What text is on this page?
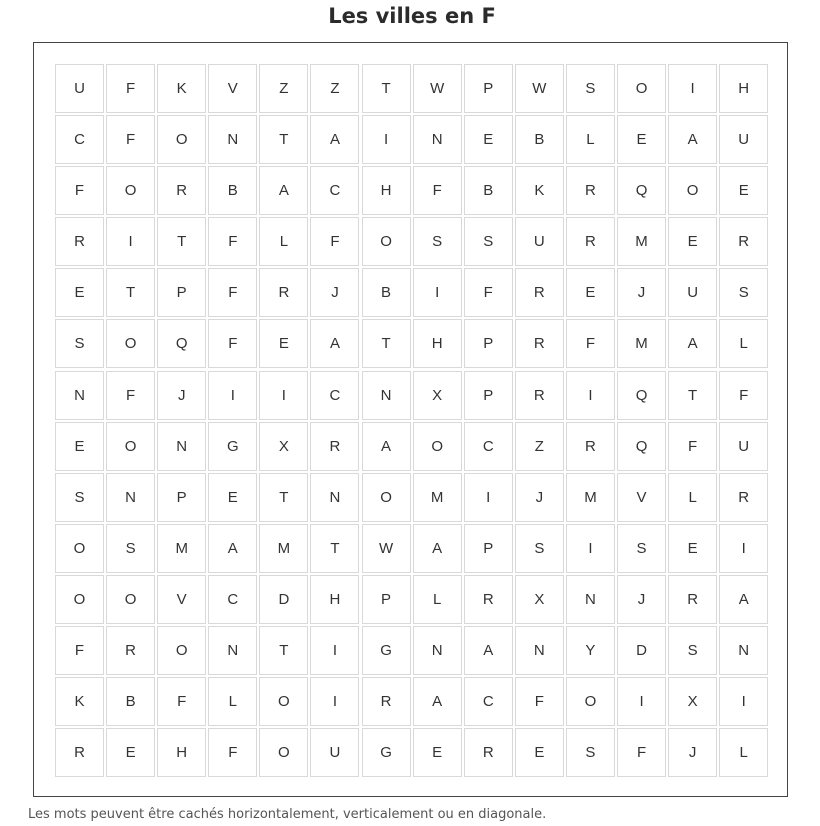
Les villes en F
U	F	K	V	Z	Z	T	W	P	W	S	O	I	H
C	F	O	N	T	A	I	N	E	B	L	E	A	U
F	O	R	B	A	C	H	F	B	K	R	Q	O	E
R	I	T	F	L	F	O	S	S	U	R	M	E	R
E	T	P	F	R	J	B	I	F	R	E	J	U	S
S	O	Q	F	E	A	T	H	P	R	F	M	A	L
N	F	J	I	I	C	N	X	P	R	I	Q	T	F
E	O	N	G	X	R	A	O	C	Z	R	Q	F	U
S	N	P	E	T	N	O	M	I	J	M	V	L	R
O	S	M	A	M	T	W	A	P	S	I	S	E	I
O	O	V	C	D	H	P	L	R	X	N	J	R	A
F	R	O	N	T	I	G	N	A	N	Y	D	S	N
K	B	F	L	O	I	R	A	C	F	O	I	X	I
R	E	H	F	O	U	G	E	R	E	S	F	J	L
Les mots peuvent être cachés horizontalement, verticalement ou en diagonale.
